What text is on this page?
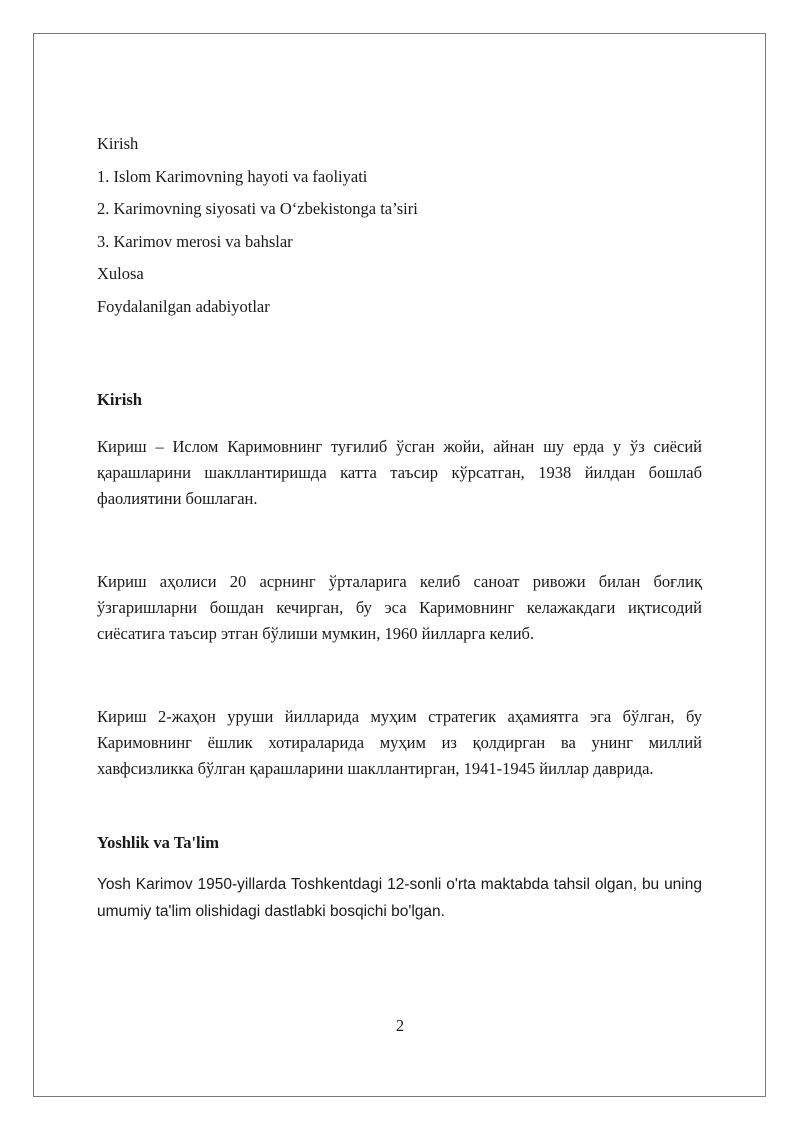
Kirish

1. Islom Karimovning hayoti va faoliyati

2. Karimovning siyosati va O‘zbekistonga ta’siri

3. Karimov merosi va bahslar

Xulosa

Foydalanilgan adabiyotlar

Kirish

Кириш – Ислом Каримовнинг туғилиб ўсган жойи, айнан шу ерда у ўз сиёсий қарашларини шакллантиришда катта таъсир кўрсатган, 1938 йилдан бошлаб фаолиятини бошлаган.

Кириш аҳолиси 20 асрнинг ўрталарига келиб саноат ривожи билан боғлиқ ўзгаришларни бошдан кечирган, бу эса Каримовнинг келажакдаги иқтисодий сиёсатига таъсир этган бўлиши мумкин, 1960 йилларга келиб.

Кириш 2-жаҳон уруши йилларида муҳим стратегик аҳамиятга эга бўлган, бу Каримовнинг ёшлик хотираларида муҳим из қолдирган ва унинг миллий хавфсизликка бўлган қарашларини шакллантирган, 1941-1945 йиллар даврида.

Yoshlik va Ta'lim

Yosh Karimov 1950-yillarda Toshkentdagi 12-sonli o'rta maktabda tahsil olgan, bu uning umumiy ta'lim olishidagi dastlabki bosqichi bo'lgan.

2
